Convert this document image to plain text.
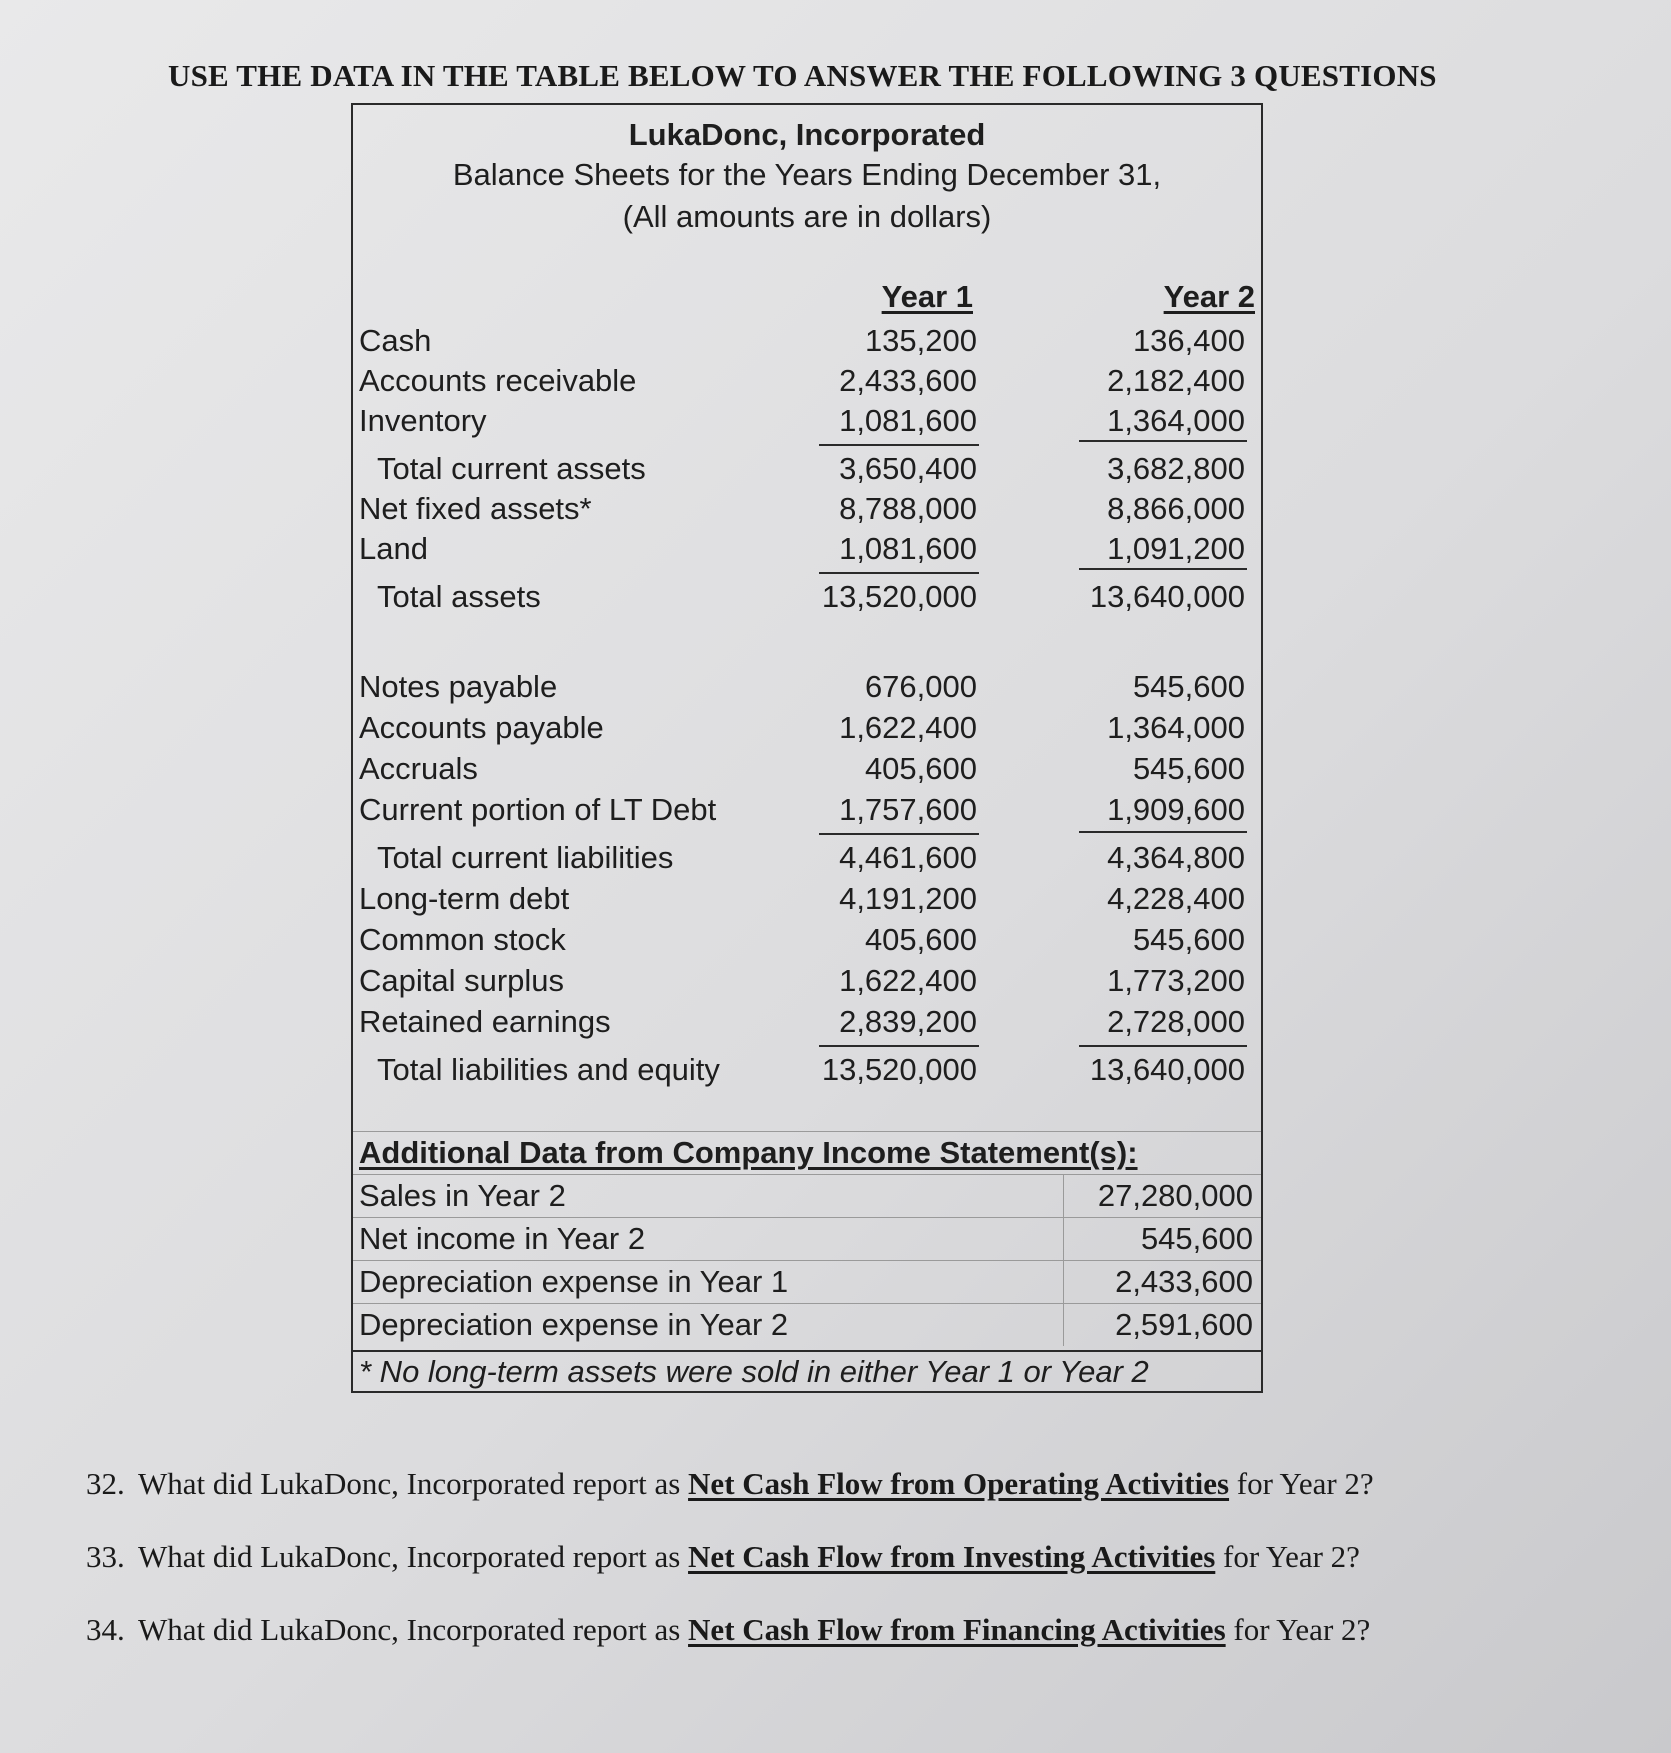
USE THE DATA IN THE TABLE BELOW TO ANSWER THE FOLLOWING 3 QUESTIONS
LukaDonc, Incorporated
Balance Sheets for the Years Ending December 31,
(All amounts are in dollars)
Year 1	Year 2
Cash	135,200	136,400
Accounts receivable	2,433,600	2,182,400
Inventory	1,081,600	1,364,000
Total current assets	3,650,400	3,682,800
Net fixed assets*	8,788,000	8,866,000
Land	1,081,600	1,091,200
Total assets	13,520,000	13,640,000
Notes payable	676,000	545,600
Accounts payable	1,622,400	1,364,000
Accruals	405,600	545,600
Current portion of LT Debt	1,757,600	1,909,600
Total current liabilities	4,461,600	4,364,800
Long-term debt	4,191,200	4,228,400
Common stock	405,600	545,600
Capital surplus	1,622,400	1,773,200
Retained earnings	2,839,200	2,728,000
Total liabilities and equity	13,520,000	13,640,000
Additional Data from Company Income Statement(s):
Sales in Year 2	27,280,000
Net income in Year 2	545,600
Depreciation expense in Year 1	2,433,600
Depreciation expense in Year 2	2,591,600
* No long-term assets were sold in either Year 1 or Year 2
32. What did LukaDonc, Incorporated report as Net Cash Flow from Operating Activities for Year 2?
33. What did LukaDonc, Incorporated report as Net Cash Flow from Investing Activities for Year 2?
34. What did LukaDonc, Incorporated report as Net Cash Flow from Financing Activities for Year 2?
